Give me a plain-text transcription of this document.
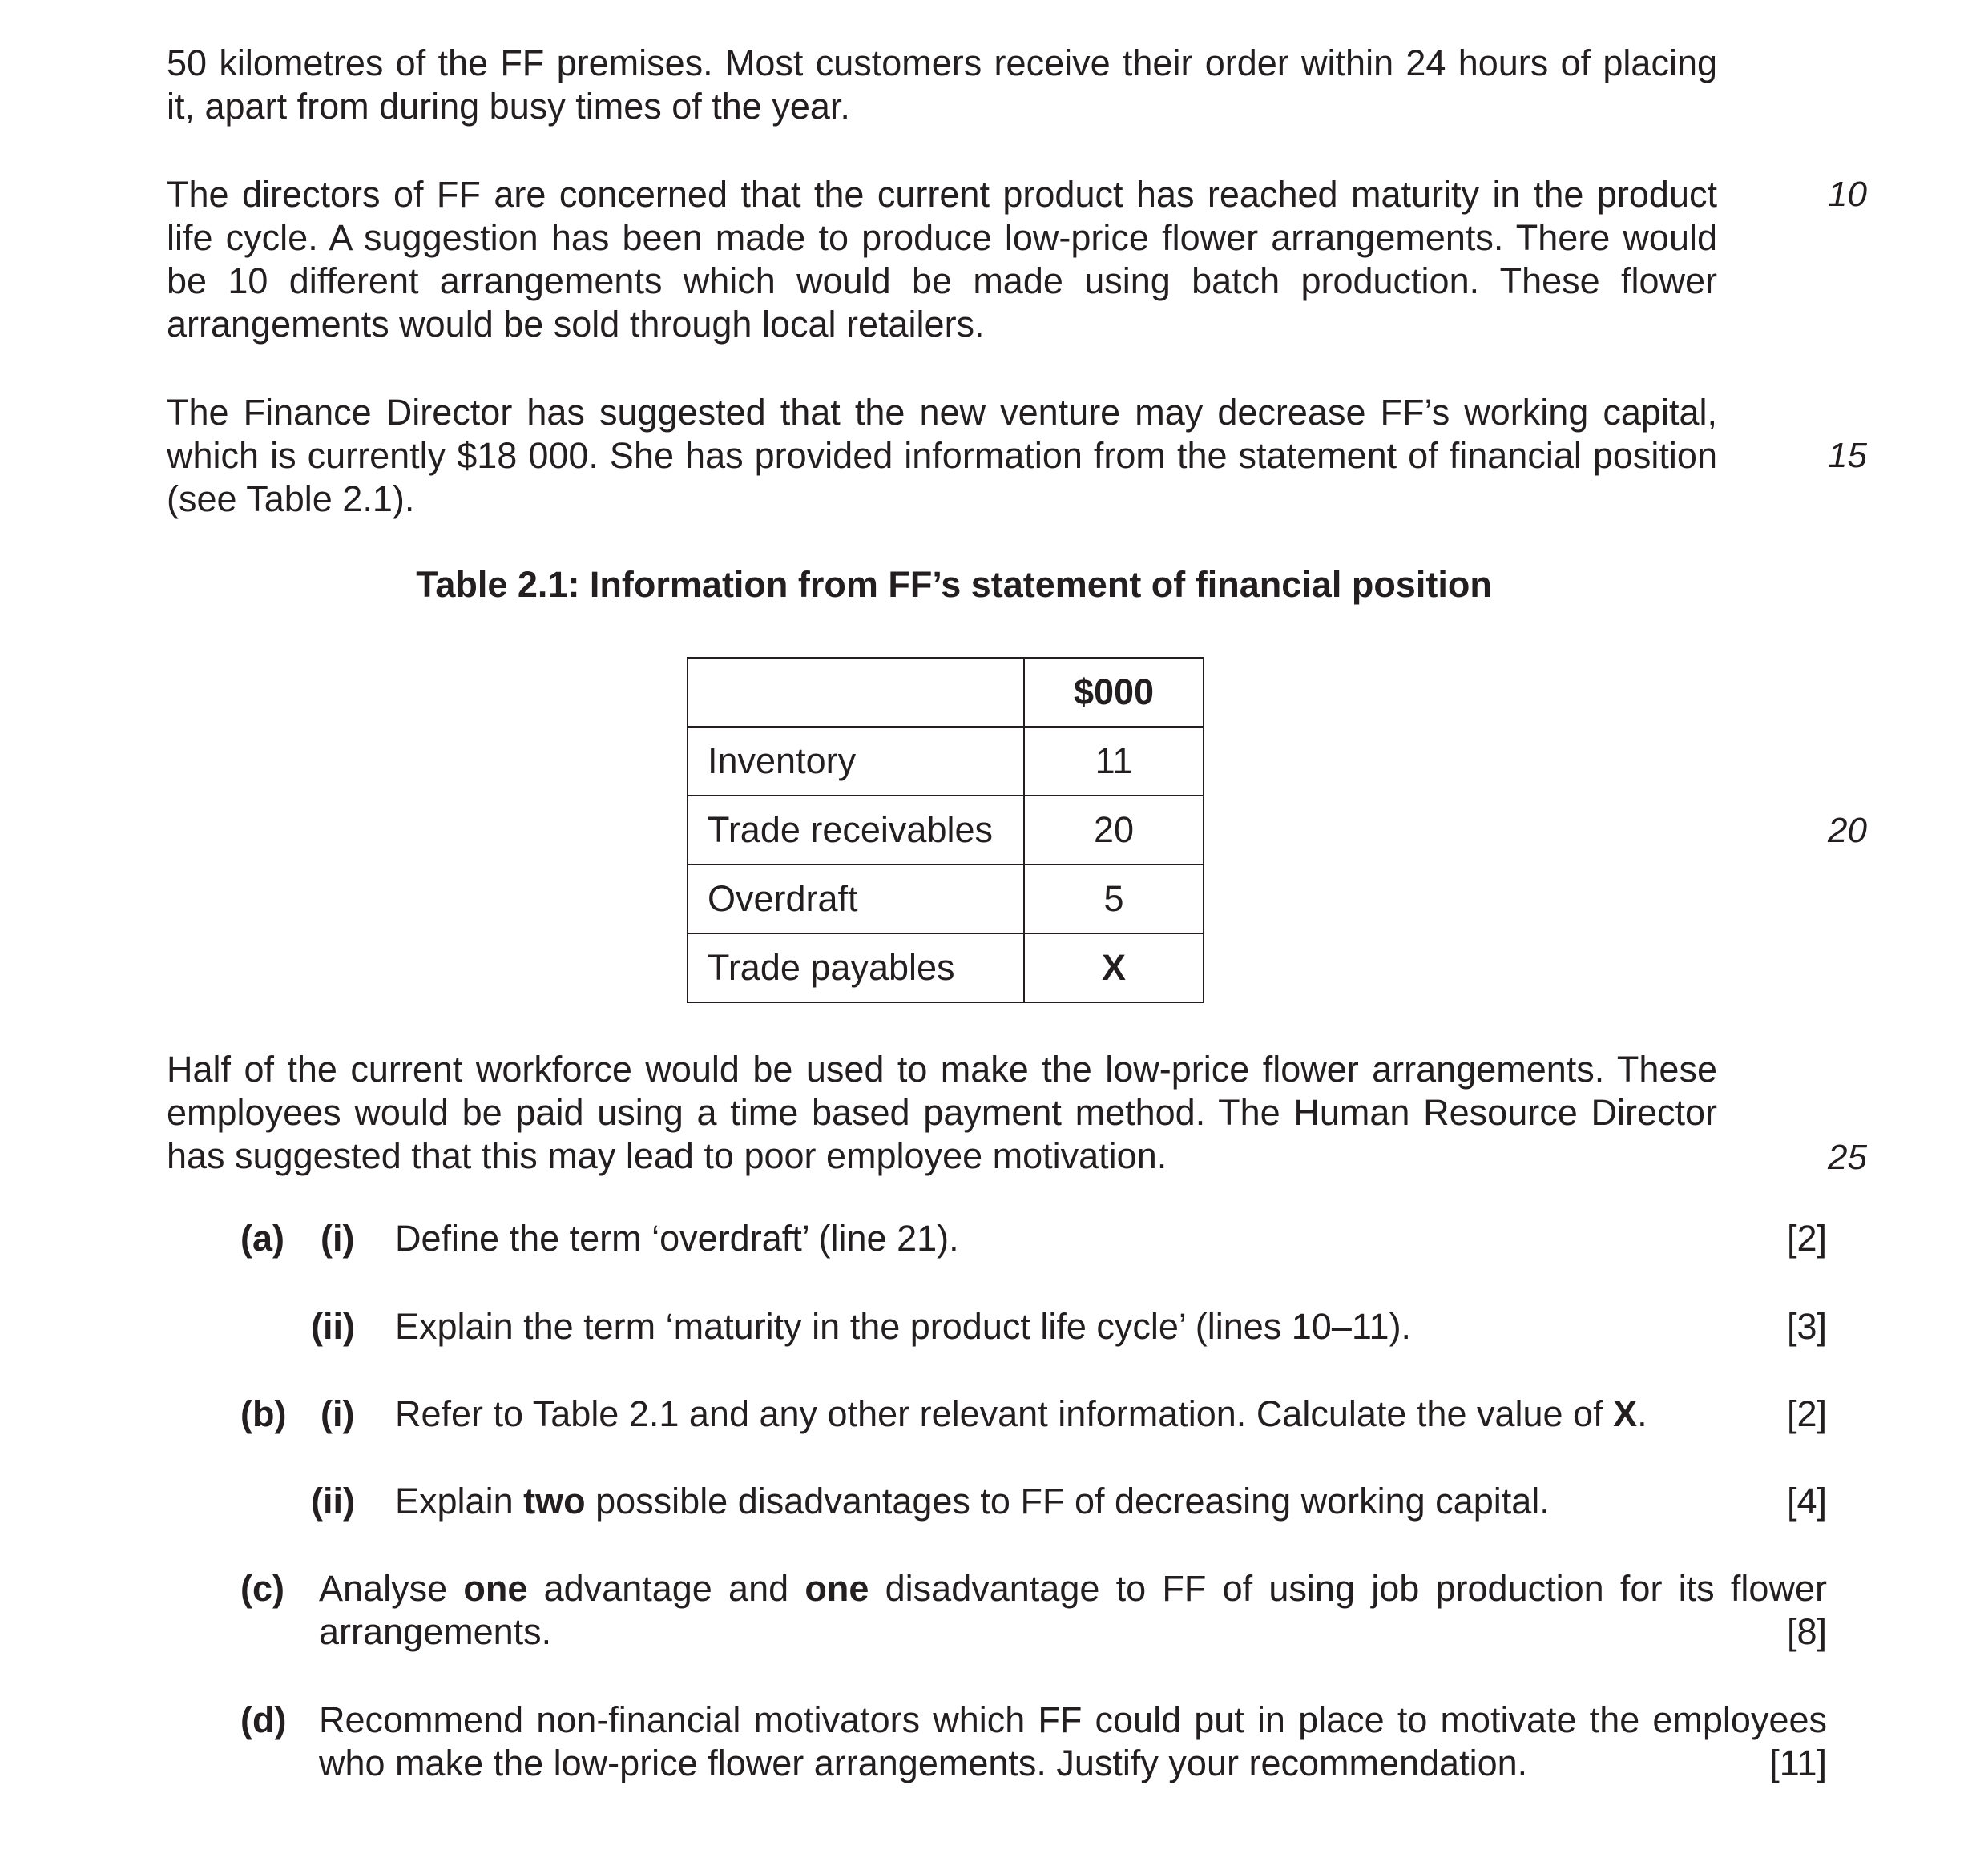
50 kilometres of the FF premises. Most customers receive their order within 24 hours of placing
it, apart from during busy times of the year.
The directors of FF are concerned that the current product has reached maturity in the product
life cycle. A suggestion has been made to produce low-price flower arrangements. There would
be 10 different arrangements which would be made using batch production. These flower
arrangements would be sold through local retailers.
10
The Finance Director has suggested that the new venture may decrease FF’s working capital,
which is currently $18 000. She has provided information from the statement of financial position
(see Table 2.1).
15
Table 2.1: Information from FF’s statement of financial position
	$000
Inventory	11
Trade receivables	20
Overdraft	5
Trade payables	X
20
Half of the current workforce would be used to make the low-price flower arrangements. These
employees would be paid using a time based payment method. The Human Resource Director
has suggested that this may lead to poor employee motivation.	25
(a) (i) Define the term ‘overdraft’ (line 21).	[2]
(ii) Explain the term ‘maturity in the product life cycle’ (lines 10–11).	[3]
(b) (i) Refer to Table 2.1 and any other relevant information. Calculate the value of X.	[2]
(ii) Explain two possible disadvantages to FF of decreasing working capital.	[4]
(c) Analyse one advantage and one disadvantage to FF of using job production for its flower
arrangements.	[8]
(d) Recommend non-financial motivators which FF could put in place to motivate the employees
who make the low-price flower arrangements. Justify your recommendation.	[11]
